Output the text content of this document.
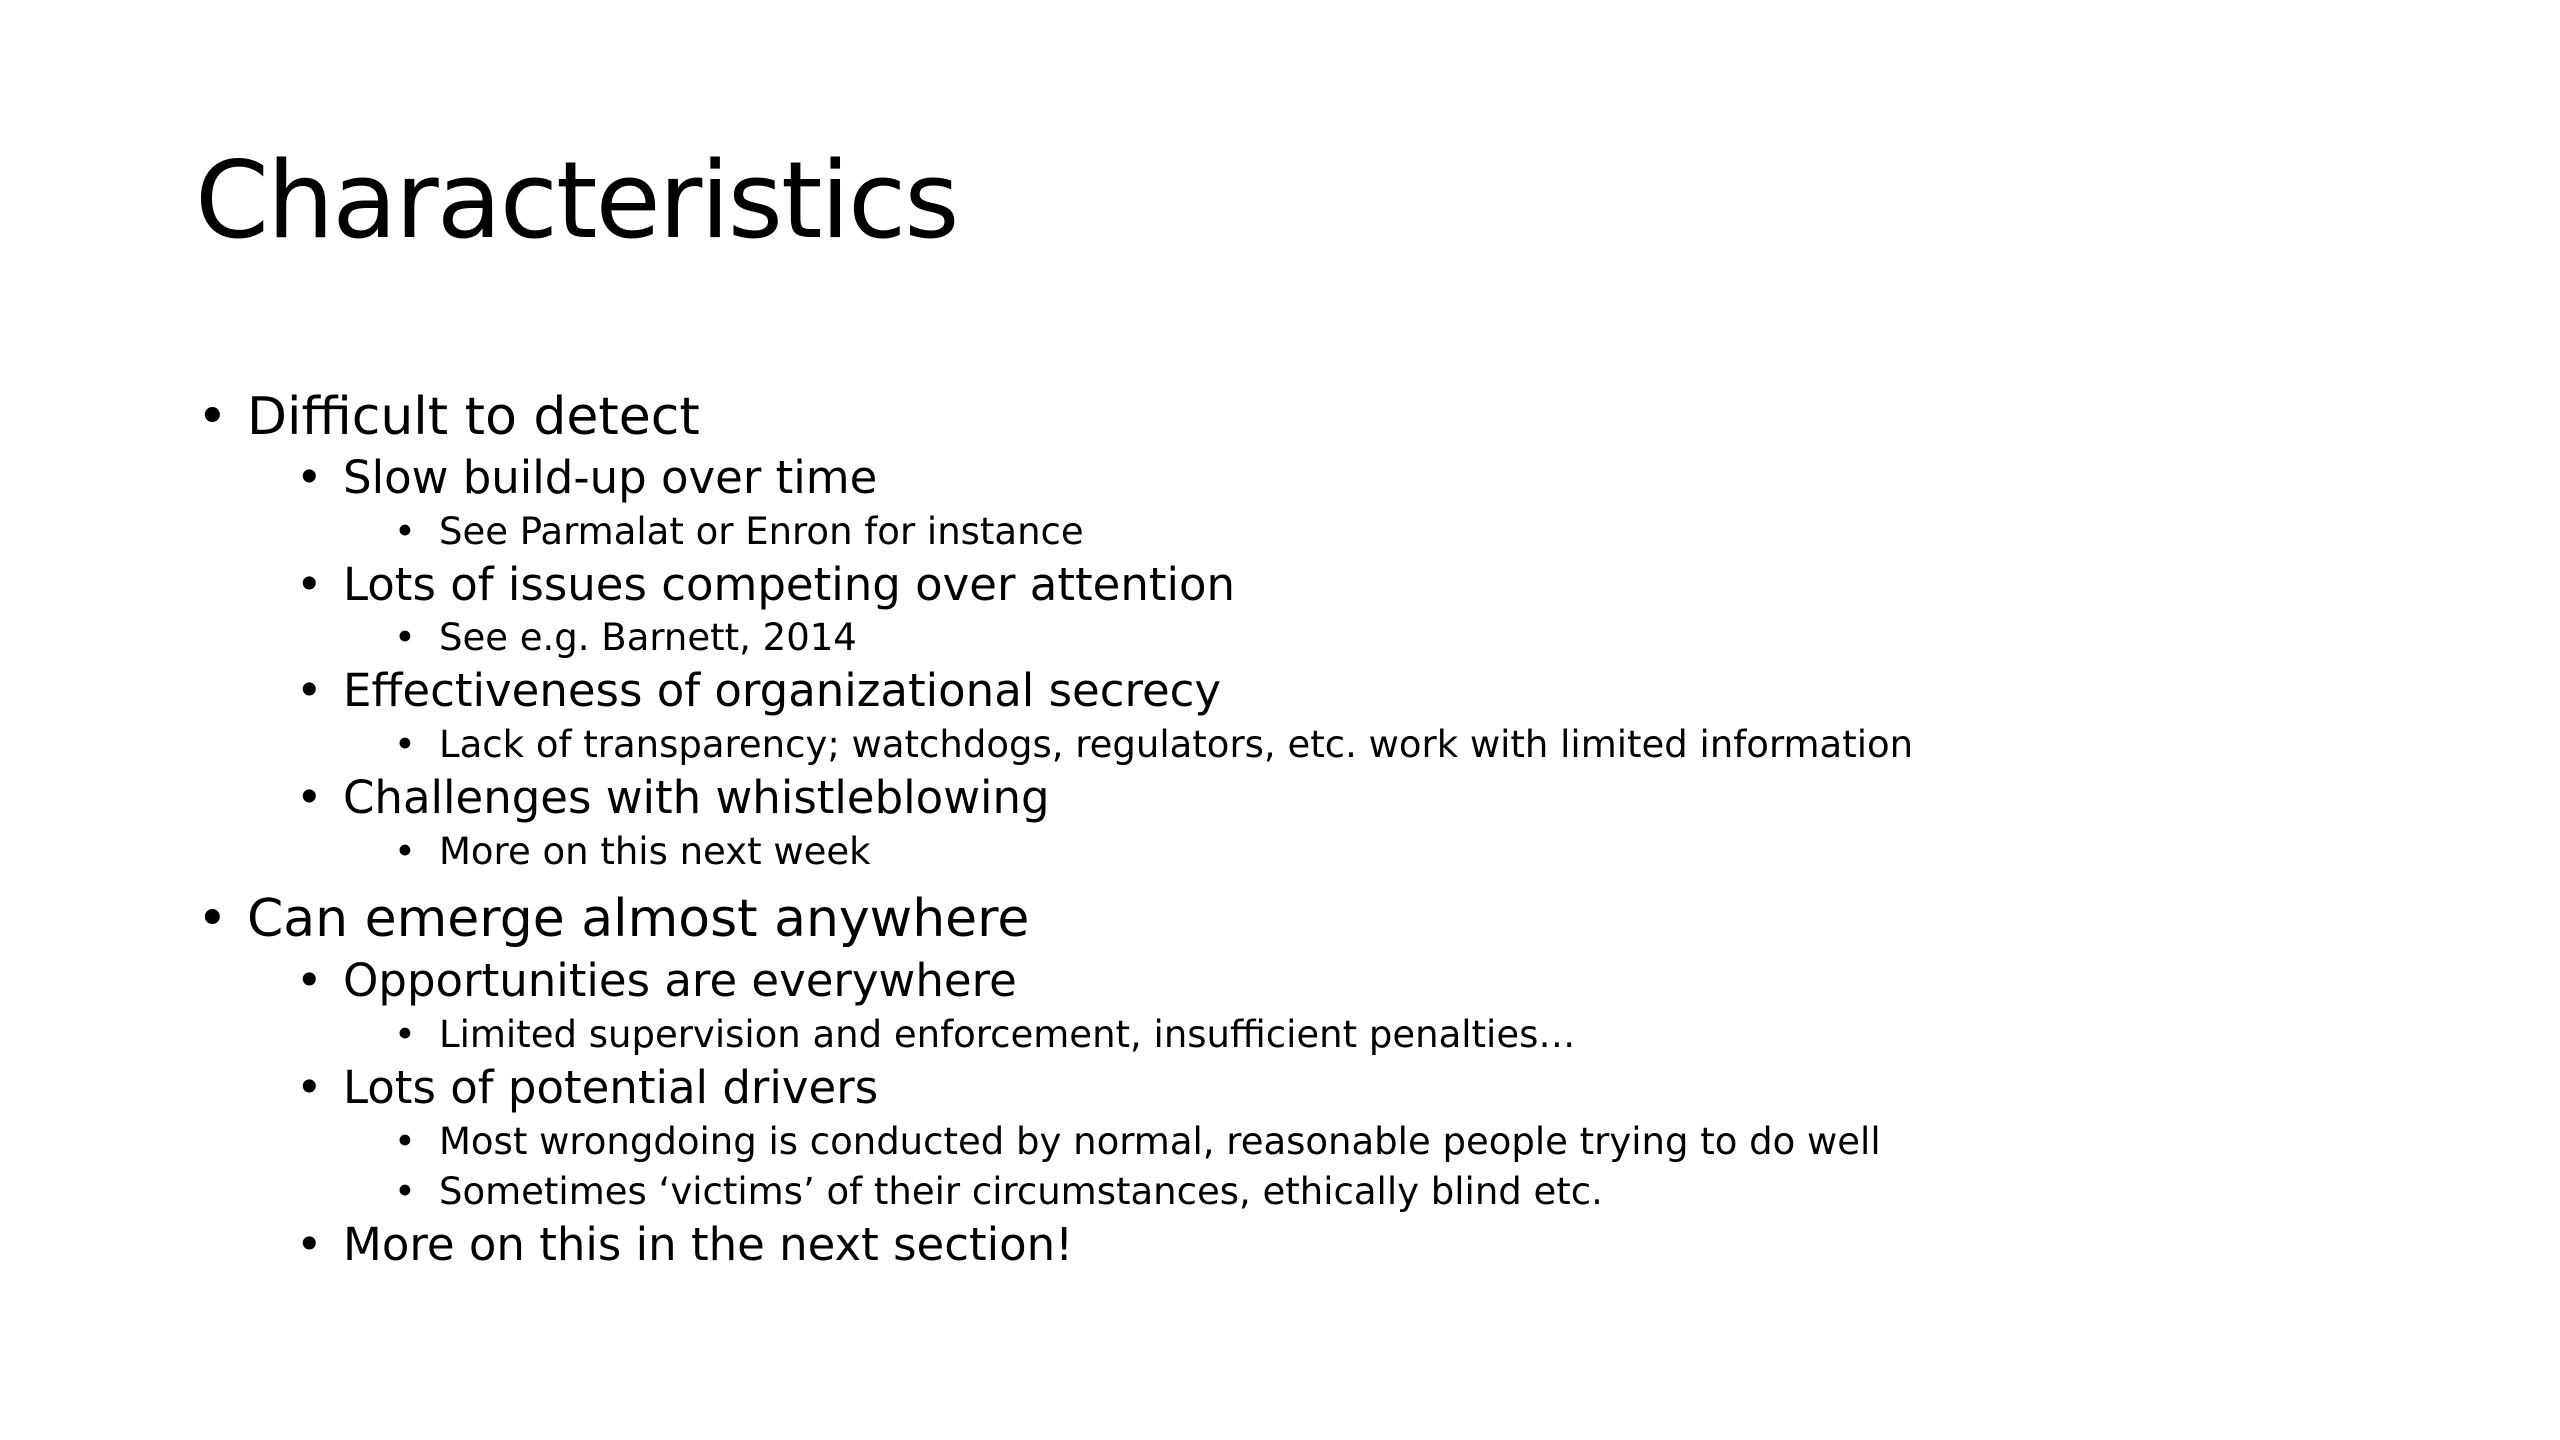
Characteristics
• Difficult to detect
• Slow build-up over time
• See Parmalat or Enron for instance
• Lots of issues competing over attention
• See e.g. Barnett, 2014
• Effectiveness of organizational secrecy
• Lack of transparency; watchdogs, regulators, etc. work with limited information
• Challenges with whistleblowing
• More on this next week
• Can emerge almost anywhere
• Opportunities are everywhere
• Limited supervision and enforcement, insufficient penalties…
• Lots of potential drivers
• Most wrongdoing is conducted by normal, reasonable people trying to do well
• Sometimes ‘victims’ of their circumstances, ethically blind etc.
• More on this in the next section!
